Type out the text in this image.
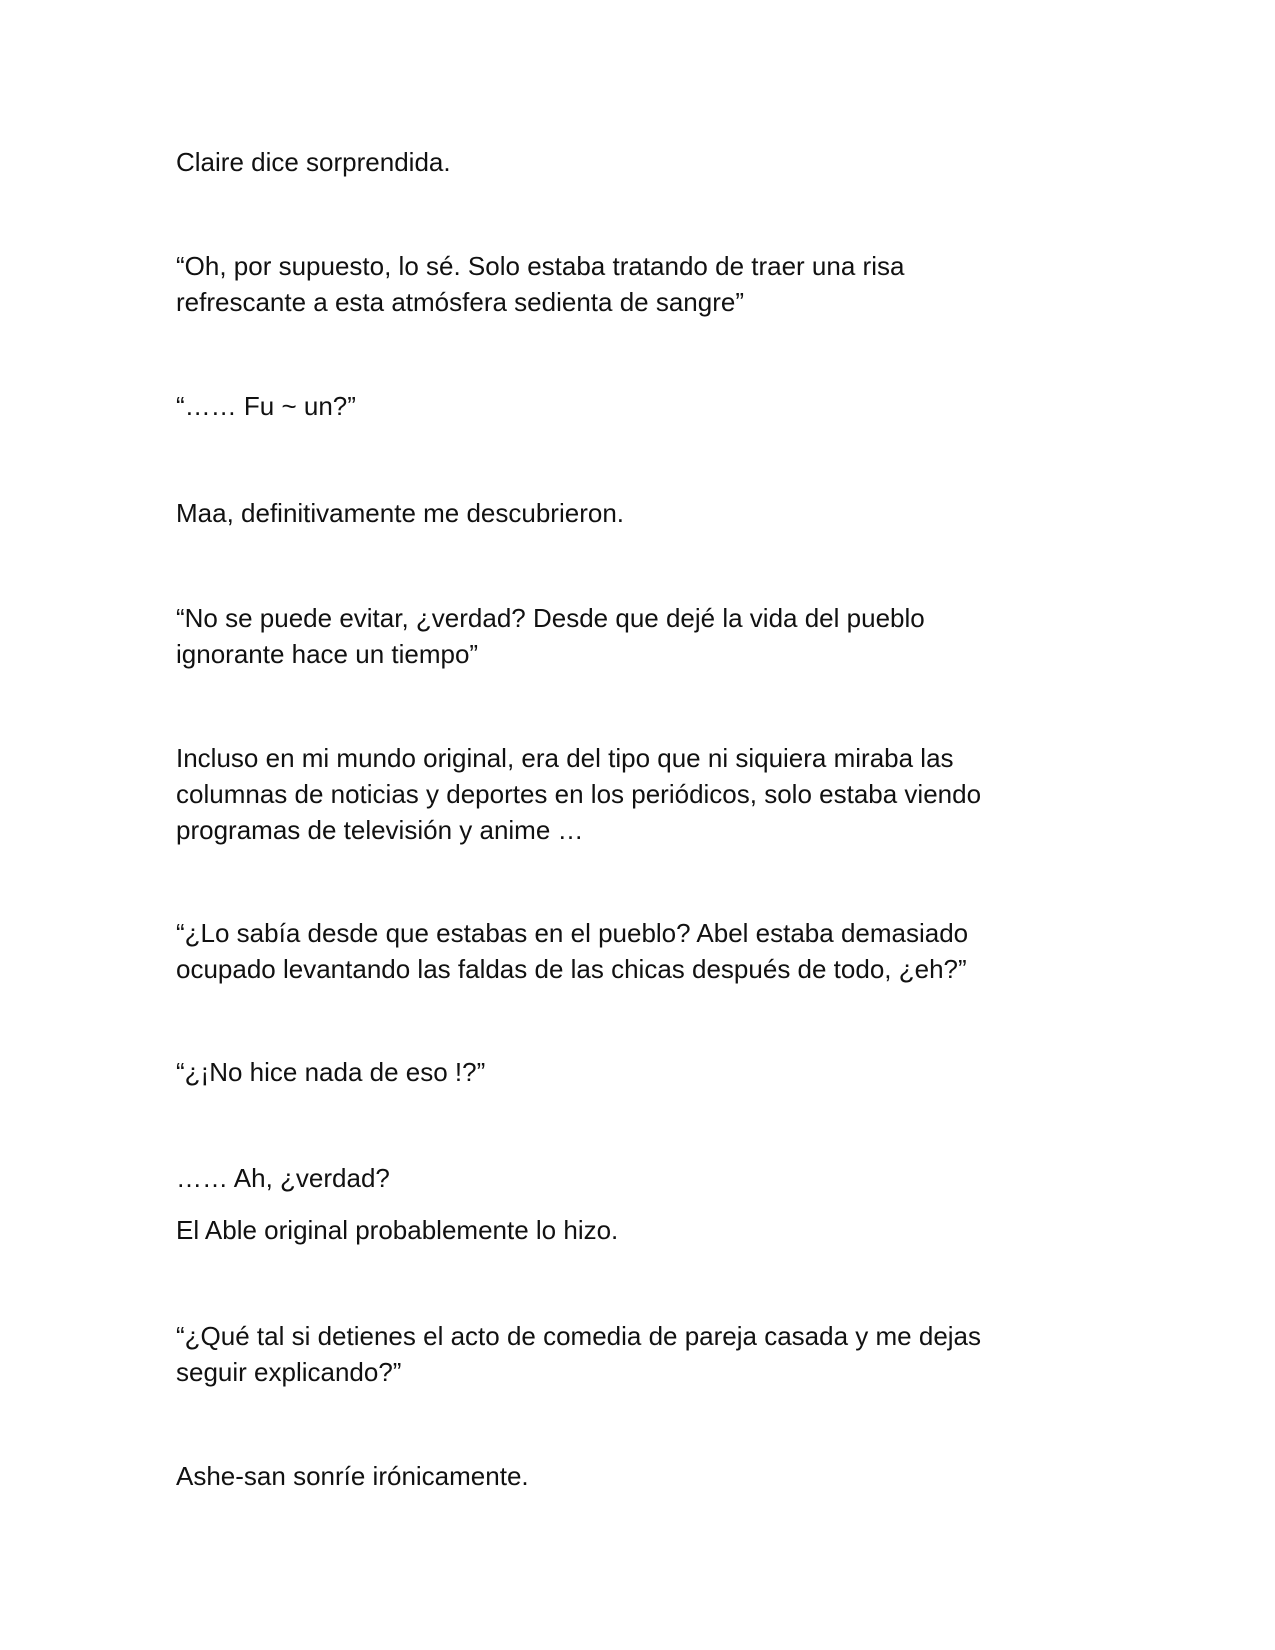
Claire dice sorprendida.

“Oh, por supuesto, lo sé. Solo estaba tratando de traer una risa
refrescante a esta atmósfera sedienta de sangre”

“…… Fu ~ un?”

Maa, definitivamente me descubrieron.

“No se puede evitar, ¿verdad? Desde que dejé la vida del pueblo
ignorante hace un tiempo”

Incluso en mi mundo original, era del tipo que ni siquiera miraba las
columnas de noticias y deportes en los periódicos, solo estaba viendo
programas de televisión y anime …

“¿Lo sabía desde que estabas en el pueblo? Abel estaba demasiado
ocupado levantando las faldas de las chicas después de todo, ¿eh?”

“¿¡No hice nada de eso !?”

…… Ah, ¿verdad?

El Able original probablemente lo hizo.

“¿Qué tal si detienes el acto de comedia de pareja casada y me dejas
seguir explicando?”

Ashe-san sonríe irónicamente.
